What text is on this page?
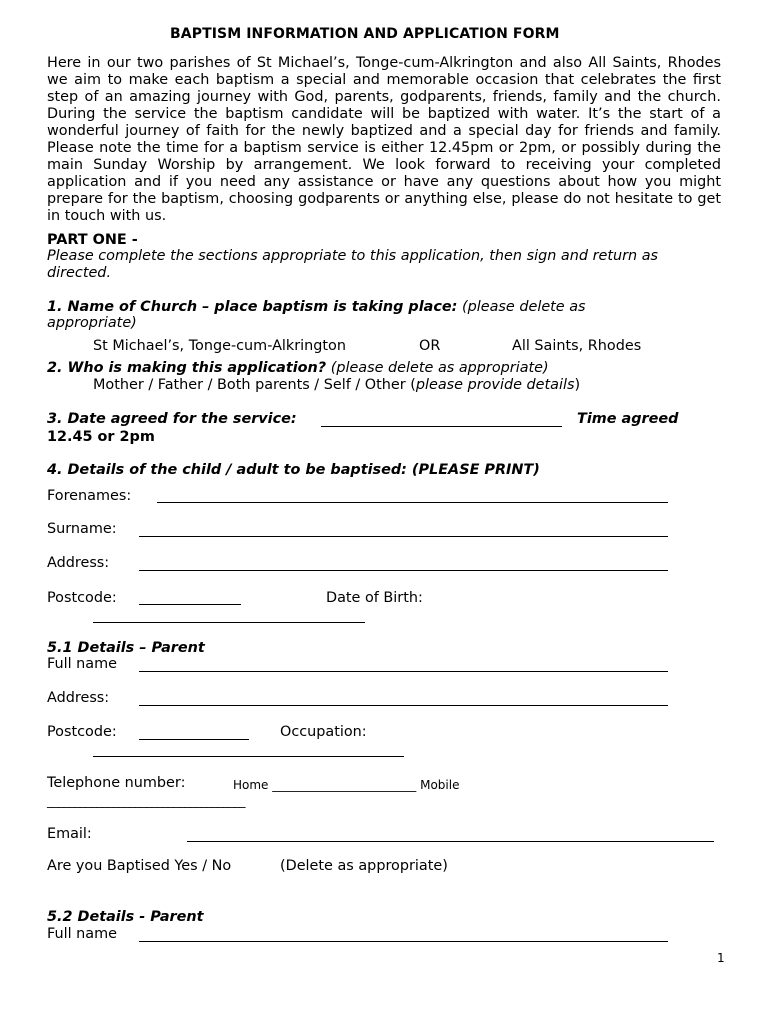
BAPTISM INFORMATION AND APPLICATION FORM

Here in our two parishes of St Michael’s, Tonge-cum-Alkrington and also All Saints, Rhodes we aim to make each baptism a special and memorable occasion that celebrates the first step of an amazing journey with God, parents, godparents, friends, family and the church. During the service the baptism candidate will be baptized with water. It’s the start of a wonderful journey of faith for the newly baptized and a special day for friends and family. Please note the time for a baptism service is either 12.45pm or 2pm, or possibly during the main Sunday Worship by arrangement. We look forward to receiving your completed application and if you need any assistance or have any questions about how you might prepare for the baptism, choosing godparents or anything else, please do not hesitate to get in touch with us.

PART ONE -
Please complete the sections appropriate to this application, then sign and return as
directed.
1. Name of Church – place baptism is taking place: (please delete as
appropriate)
St Michael’s, Tonge-cum-Alkrington	OR	All Saints, Rhodes
2. Who is making this application? (please delete as appropriate)
Mother / Father / Both parents / Self / Other (please provide details)
3. Date agreed for the service:	Time agreed
12.45 or 2pm
4. Details of the child / adult to be baptised: (PLEASE PRINT)
Forenames:
Surname:
Address:
Postcode:	Date of Birth:
5.1 Details – Parent
Full name
Address:
Postcode:	Occupation:
Telephone number:	Home ________________________ Mobile
____________________________________
Email:
Are you Baptised Yes / No	(Delete as appropriate)
5.2 Details - Parent
Full name
1
